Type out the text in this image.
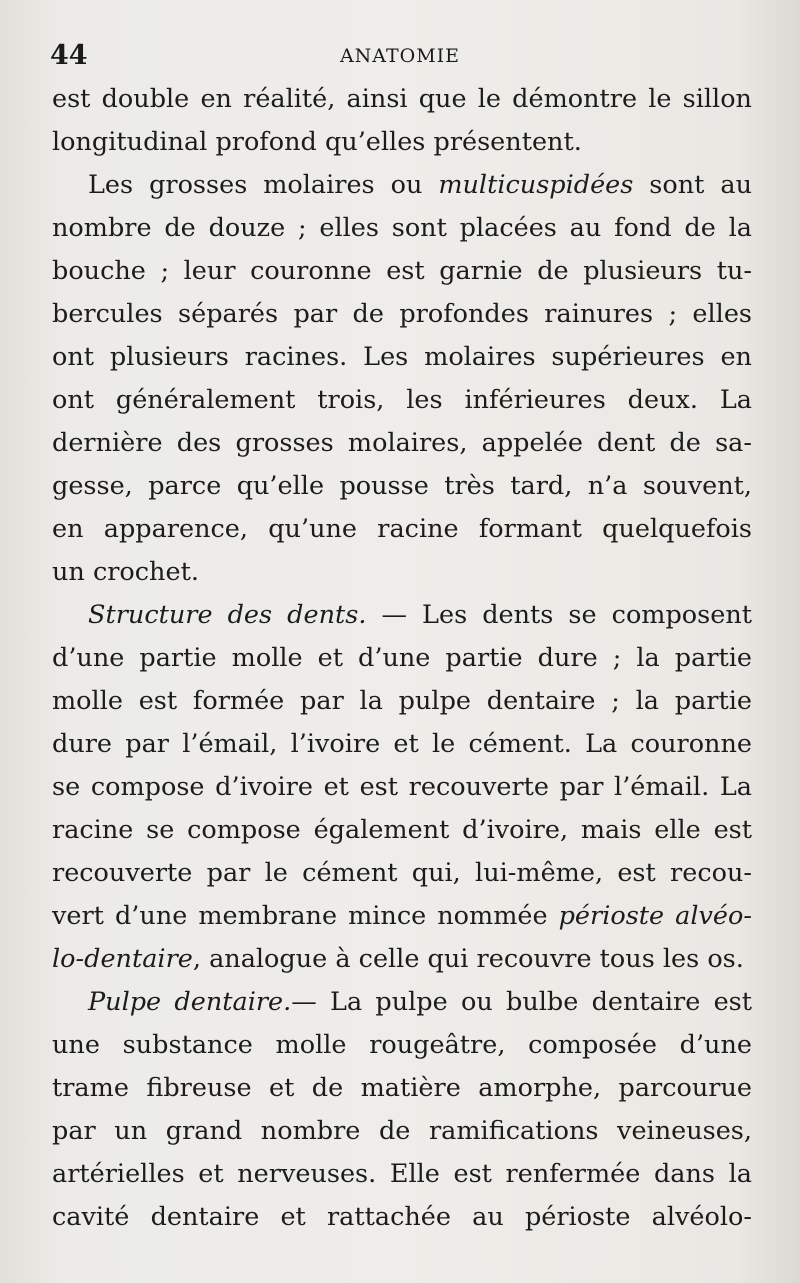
44	ANATOMIE
est double en réalité, ainsi que le démontre le sillon
longitudinal profond qu’elles présentent.
Les grosses molaires ou multicuspidées sont au
nombre de douze ; elles sont placées au fond de la
bouche ; leur couronne est garnie de plusieurs tu-
bercules séparés par de profondes rainures ; elles
ont plusieurs racines. Les molaires supérieures en
ont généralement trois, les inférieures deux. La
dernière des grosses molaires, appelée dent de sa-
gesse, parce qu’elle pousse très tard, n’a souvent,
en apparence, qu’une racine formant quelquefois
un crochet.
Structure des dents. — Les dents se composent
d’une partie molle et d’une partie dure ; la partie
molle est formée par la pulpe dentaire ; la partie
dure par l’émail, l’ivoire et le cément. La couronne
se compose d’ivoire et est recouverte par l’émail. La
racine se compose également d’ivoire, mais elle est
recouverte par le cément qui, lui-même, est recou-
vert d’une membrane mince nommée périoste alvéo-
lo-dentaire, analogue à celle qui recouvre tous les os.
Pulpe dentaire.— La pulpe ou bulbe dentaire est
une substance molle rougeâtre, composée d’une
trame fibreuse et de matière amorphe, parcourue
par un grand nombre de ramifications veineuses,
artérielles et nerveuses. Elle est renfermée dans la
cavité dentaire et rattachée au périoste alvéolo-
